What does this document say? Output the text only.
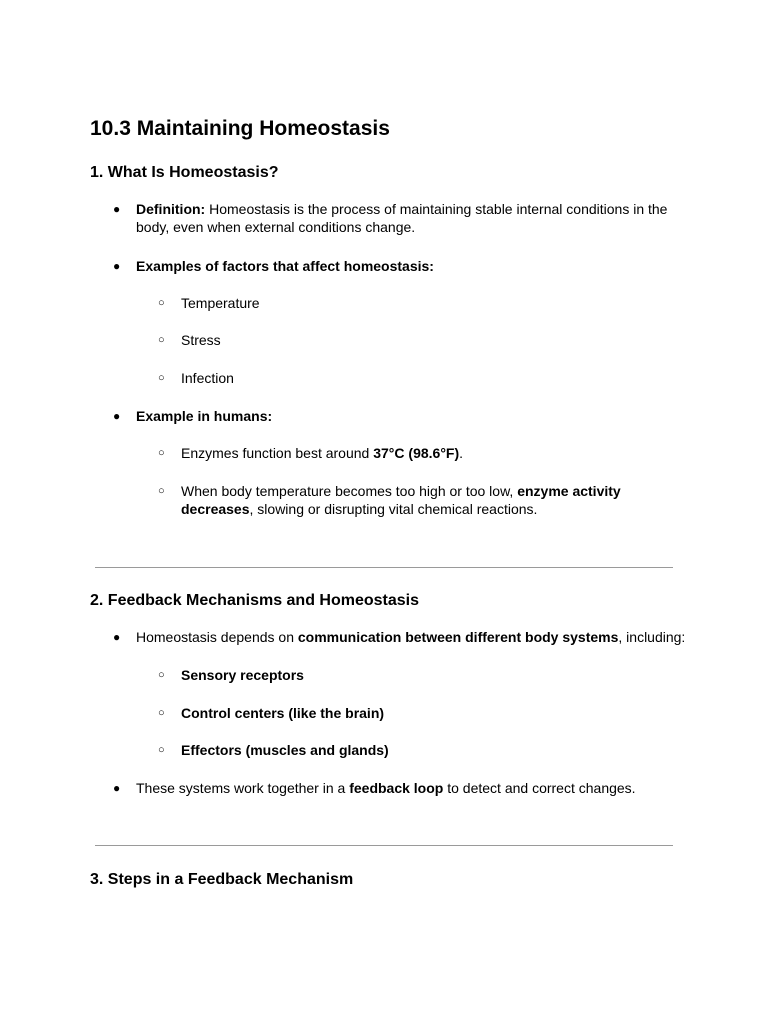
10.3 Maintaining Homeostasis
1. What Is Homeostasis?
● Definition: Homeostasis is the process of maintaining stable internal conditions in the
body, even when external conditions change.
● Examples of factors that affect homeostasis:
○ Temperature
○ Stress
○ Infection
● Example in humans:
○ Enzymes function best around 37°C (98.6°F).
○ When body temperature becomes too high or too low, enzyme activity
decreases, slowing or disrupting vital chemical reactions.
2. Feedback Mechanisms and Homeostasis
● Homeostasis depends on communication between different body systems, including:
○ Sensory receptors
○ Control centers (like the brain)
○ Effectors (muscles and glands)
● These systems work together in a feedback loop to detect and correct changes.
3. Steps in a Feedback Mechanism
